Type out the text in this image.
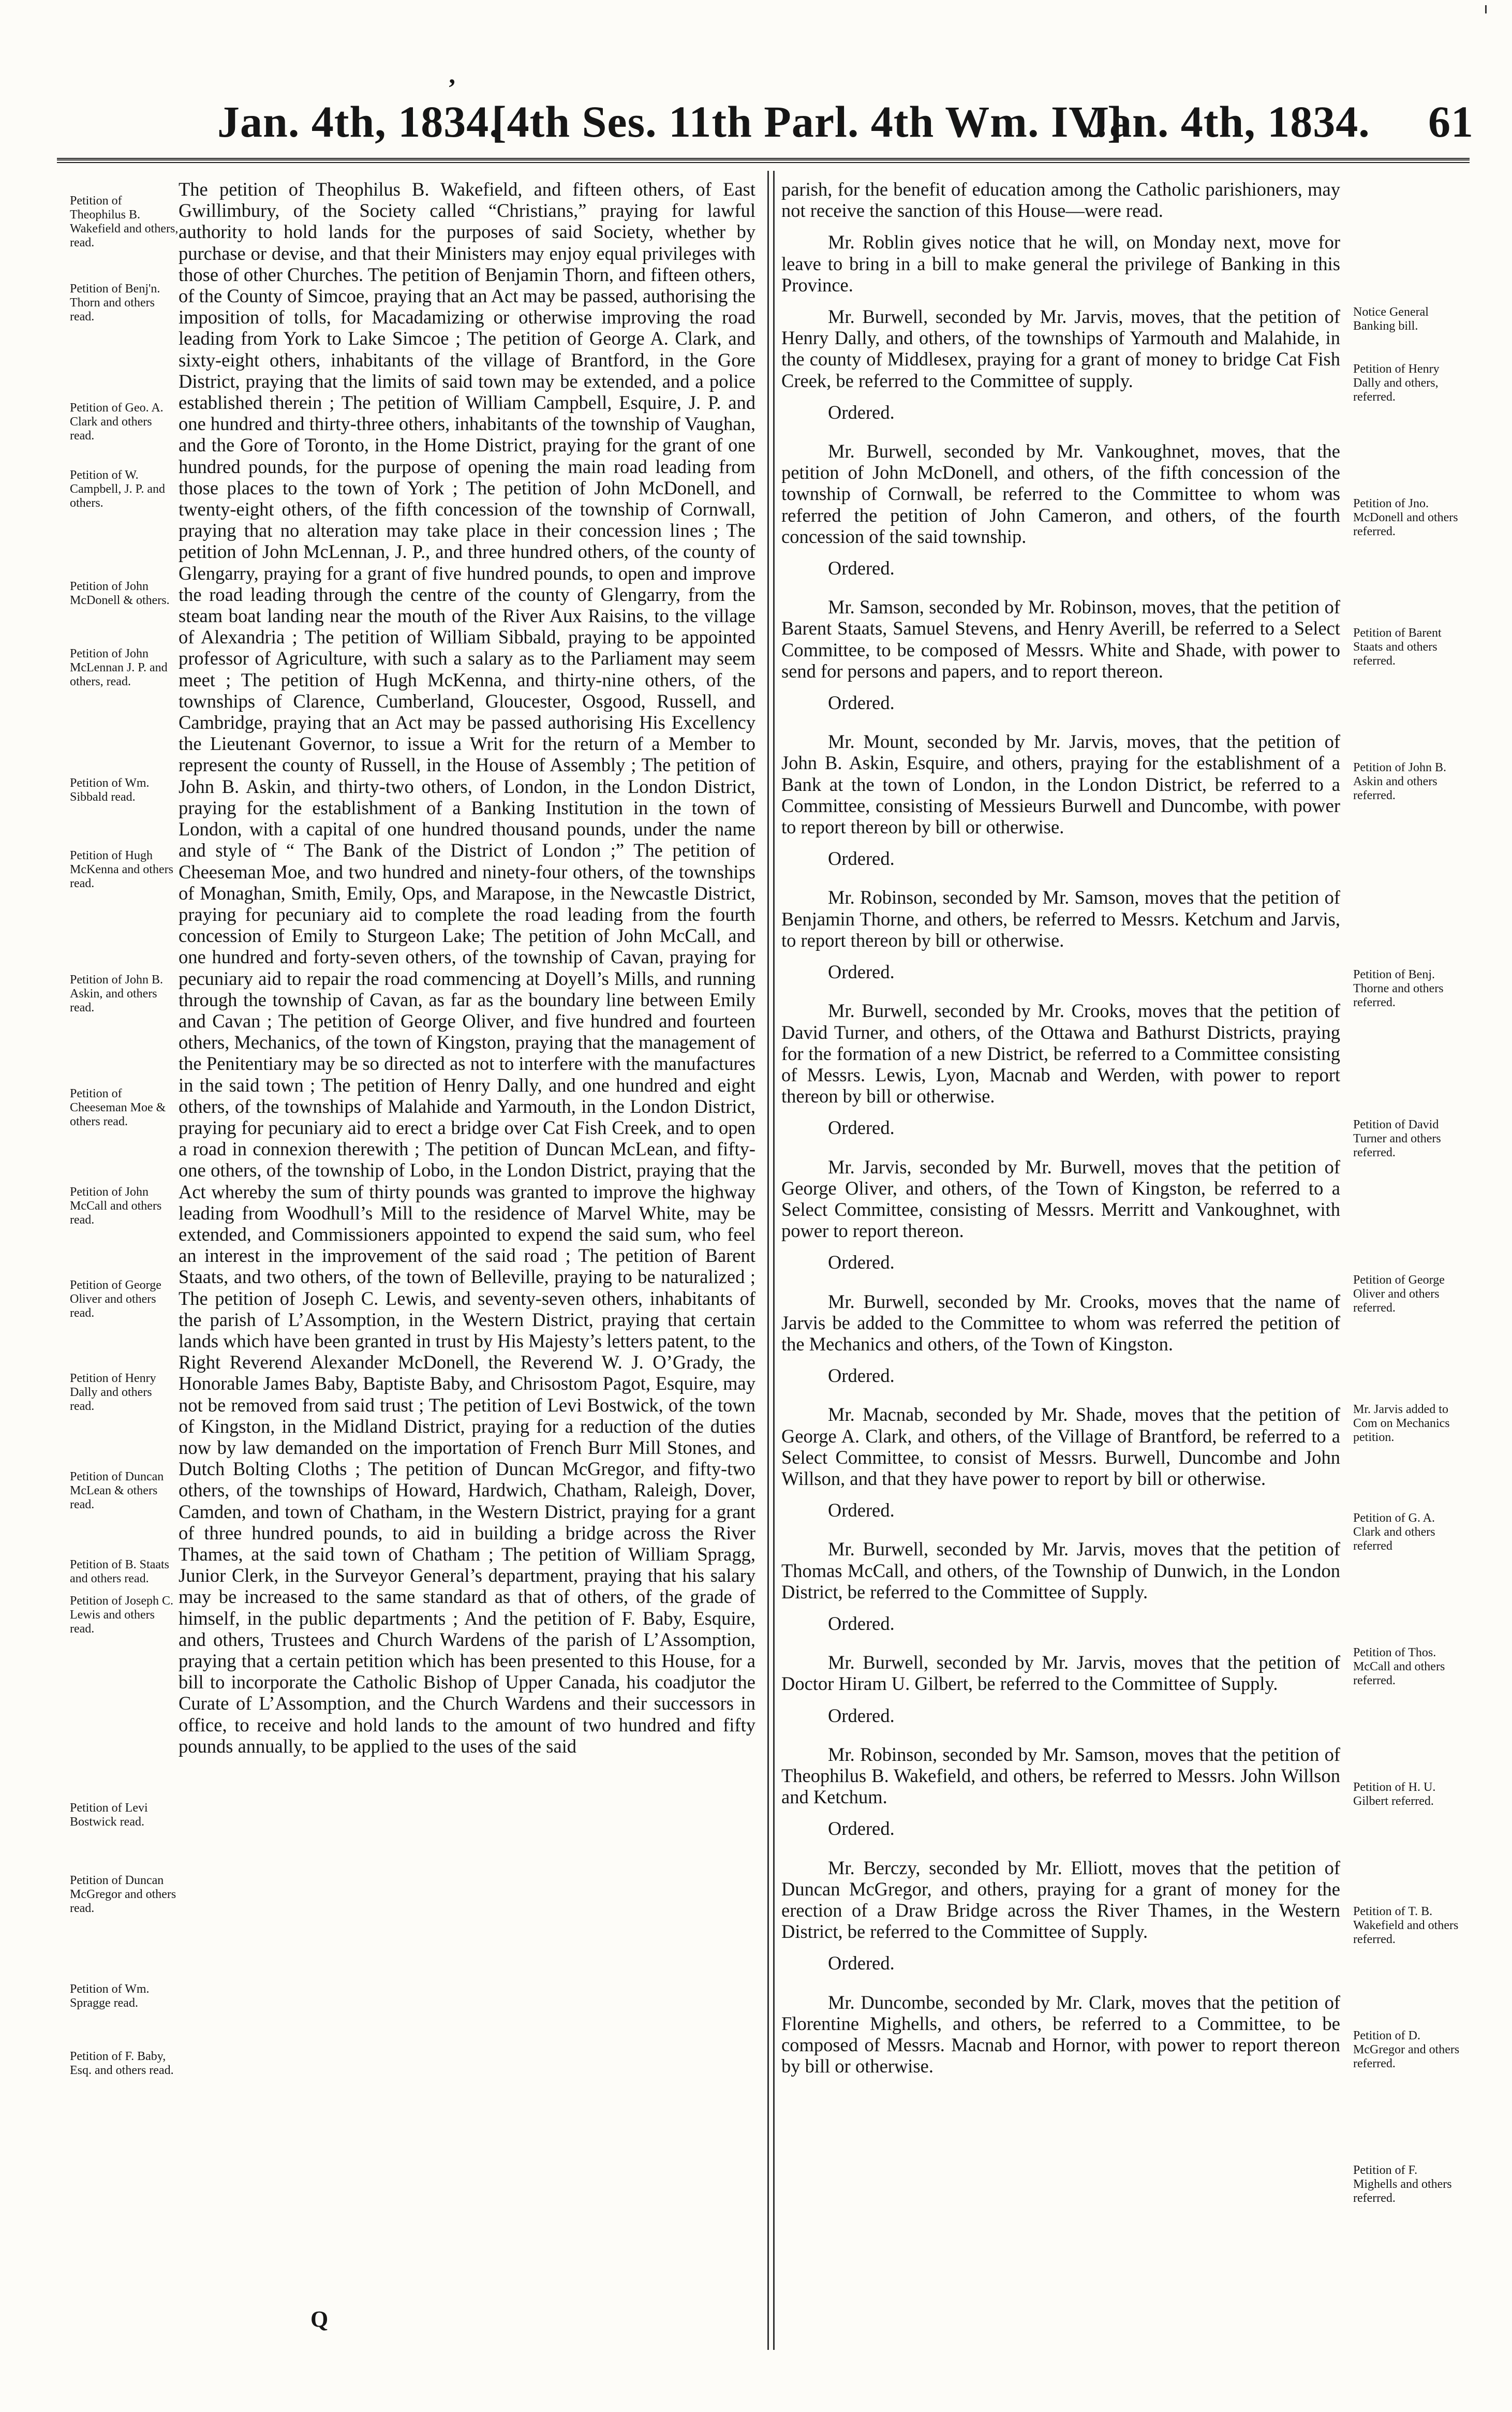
’
Jan. 4th, 1834.
[4th Ses. 11th Parl. 4th Wm. IV.]
Jan. 4th, 1834. 61

The petition of Theophilus B. Wakefield, and fifteen others, of East Gwillimbury, of the Society called “Christians,” praying for lawful authority to hold lands for the purposes of said Society, whether by purchase or devise, and that their Ministers may enjoy equal privileges with those of other Churches. The petition of Benjamin Thorn, and fifteen others, of the County of Simcoe, praying that an Act may be passed, authorising the imposition of tolls, for Macadamizing or otherwise improving the road leading from York to Lake Simcoe ; The petition of George A. Clark, and sixty-eight others, inhabitants of the village of Brantford, in the Gore District, praying that the limits of said town may be extended, and a police established therein ; The petition of William Campbell, Esquire, J. P. and one hundred and thirty-three others, inhabitants of the township of Vaughan, and the Gore of Toronto, in the Home District, praying for the grant of one hundred pounds, for the purpose of opening the main road leading from those places to the town of York ; The petition of John McDonell, and twenty-eight others, of the fifth concession of the township of Cornwall, praying that no alteration may take place in their concession lines ; The petition of John McLennan, J. P., and three hundred others, of the county of Glengarry, praying for a grant of five hundred pounds, to open and improve the road leading through the centre of the county of Glengarry, from the steam boat landing near the mouth of the River Aux Raisins, to the village of Alexandria ; The petition of William Sibbald, praying to be appointed professor of Agriculture, with such a salary as to the Parliament may seem meet ; The petition of Hugh McKenna, and thirty-nine others, of the townships of Clarence, Cumberland, Gloucester, Osgood, Russell, and Cambridge, praying that an Act may be passed authorising His Excellency the Lieutenant Governor, to issue a Writ for the return of a Member to represent the county of Russell, in the House of Assembly ; The petition of John B. Askin, and thirty-two others, of London, in the London District, praying for the establishment of a Banking Institution in the town of London, with a capital of one hundred thousand pounds, under the name and style of “ The Bank of the District of London ;” The petition of Cheeseman Moe, and two hundred and ninety-four others, of the townships of Monaghan, Smith, Emily, Ops, and Marapose, in the Newcastle District, praying for pecuniary aid to complete the road leading from the fourth concession of Emily to Sturgeon Lake; The petition of John McCall, and one hundred and forty-seven others, of the township of Cavan, praying for pecuniary aid to repair the road commencing at Doyell’s Mills, and running through the township of Cavan, as far as the boundary line between Emily and Cavan ; The petition of George Oliver, and five hundred and fourteen others, Mechanics, of the town of Kingston, praying that the management of the Penitentiary may be so directed as not to interfere with the manufactures in the said town ; The petition of Henry Dally, and one hundred and eight others, of the townships of Malahide and Yarmouth, in the London District, praying for pecuniary aid to erect a bridge over Cat Fish Creek, and to open a road in connexion therewith ; The petition of Duncan McLean, and fifty-one others, of the township of Lobo, in the London District, praying that the Act whereby the sum of thirty pounds was granted to improve the highway leading from Woodhull’s Mill to the residence of Marvel White, may be extended, and Commissioners appointed to expend the said sum, who feel an interest in the improvement of the said road ; The petition of Barent Staats, and two others, of the town of Belleville, praying to be naturalized ; The petition of Joseph C. Lewis, and seventy-seven others, inhabitants of the parish of L’Assomption, in the Western District, praying that certain lands which have been granted in trust by His Majesty’s letters patent, to the Right Reverend Alexander McDonell, the Reverend W. J. O’Grady, the Honorable James Baby, Baptiste Baby, and Chrisostom Pagot, Esquire, may not be removed from said trust ; The petition of Levi Bostwick, of the town of Kingston, in the Midland District, praying for a reduction of the duties now by law demanded on the importation of French Burr Mill Stones, and Dutch Bolting Cloths ; The petition of Duncan McGregor, and fifty-two others, of the townships of Howard, Hardwich, Chatham, Raleigh, Dover, Camden, and town of Chatham, in the Western District, praying for a grant of three hundred pounds, to aid in building a bridge across the River Thames, at the said town of Chatham ; The petition of William Spragg, Junior Clerk, in the Surveyor General’s department, praying that his salary may be increased to the same standard as that of others, of the grade of himself, in the public departments ; And the petition of F. Baby, Esquire, and others, Trustees and Church Wardens of the parish of L’Assomption, praying that a certain petition which has been presented to this House, for a bill to incorporate the Catholic Bishop of Upper Canada, his coadjutor the Curate of L’Assomption, and the Church Wardens and their successors in office, to receive and hold lands to the amount of two hundred and fifty pounds annually, to be applied to the uses of the said

parish, for the benefit of education among the Catholic parishioners, may not receive the sanction of this House—were read.

Mr. Roblin gives notice that he will, on Monday next, move for leave to bring in a bill to make general the privilege of Banking in this Province.

Mr. Burwell, seconded by Mr. Jarvis, moves, that the petition of Henry Dally, and others, of the townships of Yarmouth and Malahide, in the county of Middlesex, praying for a grant of money to bridge Cat Fish Creek, be referred to the Committee of supply.

Ordered.

Mr. Burwell, seconded by Mr. Vankoughnet, moves, that the petition of John McDonell, and others, of the fifth concession of the township of Cornwall, be referred to the Committee to whom was referred the petition of John Cameron, and others, of the fourth concession of the said township.

Ordered.

Mr. Samson, seconded by Mr. Robinson, moves, that the petition of Barent Staats, Samuel Stevens, and Henry Averill, be referred to a Select Committee, to be composed of Messrs. White and Shade, with power to send for persons and papers, and to report thereon.

Ordered.

Mr. Mount, seconded by Mr. Jarvis, moves, that the petition of John B. Askin, Esquire, and others, praying for the establishment of a Bank at the town of London, in the London District, be referred to a Committee, consisting of Messieurs Burwell and Duncombe, with power to report thereon by bill or otherwise.

Ordered.

Mr. Robinson, seconded by Mr. Samson, moves that the petition of Benjamin Thorne, and others, be referred to Messrs. Ketchum and Jarvis, to report thereon by bill or otherwise.

Ordered.

Mr. Burwell, seconded by Mr. Crooks, moves that the petition of David Turner, and others, of the Ottawa and Bathurst Districts, praying for the formation of a new District, be referred to a Committee consisting of Messrs. Lewis, Lyon, Macnab and Werden, with power to report thereon by bill or otherwise.

Ordered.

Mr. Jarvis, seconded by Mr. Burwell, moves that the petition of George Oliver, and others, of the Town of Kingston, be referred to a Select Committee, consisting of Messrs. Merritt and Vankoughnet, with power to report thereon.

Ordered.

Mr. Burwell, seconded by Mr. Crooks, moves that the name of Jarvis be added to the Committee to whom was referred the petition of the Mechanics and others, of the Town of Kingston.

Ordered.

Mr. Macnab, seconded by Mr. Shade, moves that the petition of George A. Clark, and others, of the Village of Brantford, be referred to a Select Committee, to consist of Messrs. Burwell, Duncombe and John Willson, and that they have power to report by bill or otherwise.

Ordered.

Mr. Burwell, seconded by Mr. Jarvis, moves that the petition of Thomas McCall, and others, of the Township of Dunwich, in the London District, be referred to the Committee of Supply.

Ordered.

Mr. Burwell, seconded by Mr. Jarvis, moves that the petition of Doctor Hiram U. Gilbert, be referred to the Committee of Supply.

Ordered.

Mr. Robinson, seconded by Mr. Samson, moves that the petition of Theophilus B. Wakefield, and others, be referred to Messrs. John Willson and Ketchum.

Ordered.

Mr. Berczy, seconded by Mr. Elliott, moves that the petition of Duncan McGregor, and others, praying for a grant of money for the erection of a Draw Bridge across the River Thames, in the Western District, be referred to the Committee of Supply.

Ordered.

Mr. Duncombe, seconded by Mr. Clark, moves that the petition of Florentine Mighells, and others, be referred to a Committee, to be composed of Messrs. Macnab and Hornor, with power to report thereon by bill or otherwise.

Petition of Theophilus B. Wakefield and others, read.
Petition of Benj'n. Thorn and others read.
Petition of Geo. A. Clark and others read.
Petition of W. Campbell, J. P. and others.
Petition of John McDonell & others.
Petition of John McLennan J. P. and others, read.
Petition of Wm. Sibbald read.
Petition of Hugh McKenna and others read.
Petition of John B. Askin, and others read.
Petition of Cheeseman Moe & others read.
Petition of John McCall and others read.
Petition of George Oliver and others read.
Petition of Henry Dally and others read.
Petition of Duncan McLean & others read.
Petition of B. Staats and others read.
Petition of Joseph C. Lewis and others read.
Petition of Levi Bostwick read.
Petition of Duncan McGregor and others read.
Petition of Wm. Spragge read.
Petition of F. Baby, Esq. and others read.
Notice General Banking bill.
Petition of Henry Dally and others, referred.
Petition of Jno. McDonell and others referred.
Petition of Barent Staats and others referred.
Petition of John B. Askin and others referred.
Petition of Benj. Thorne and others referred.
Petition of David Turner and others referred.
Petition of George Oliver and others referred.
Mr. Jarvis added to Com on Mechanics petition.
Petition of G. A. Clark and others referred
Petition of Thos. McCall and others referred.
Petition of H. U. Gilbert referred.
Petition of T. B. Wakefield and others referred.
Petition of D. McGregor and others referred.
Petition of F. Mighells and others referred.
Q
